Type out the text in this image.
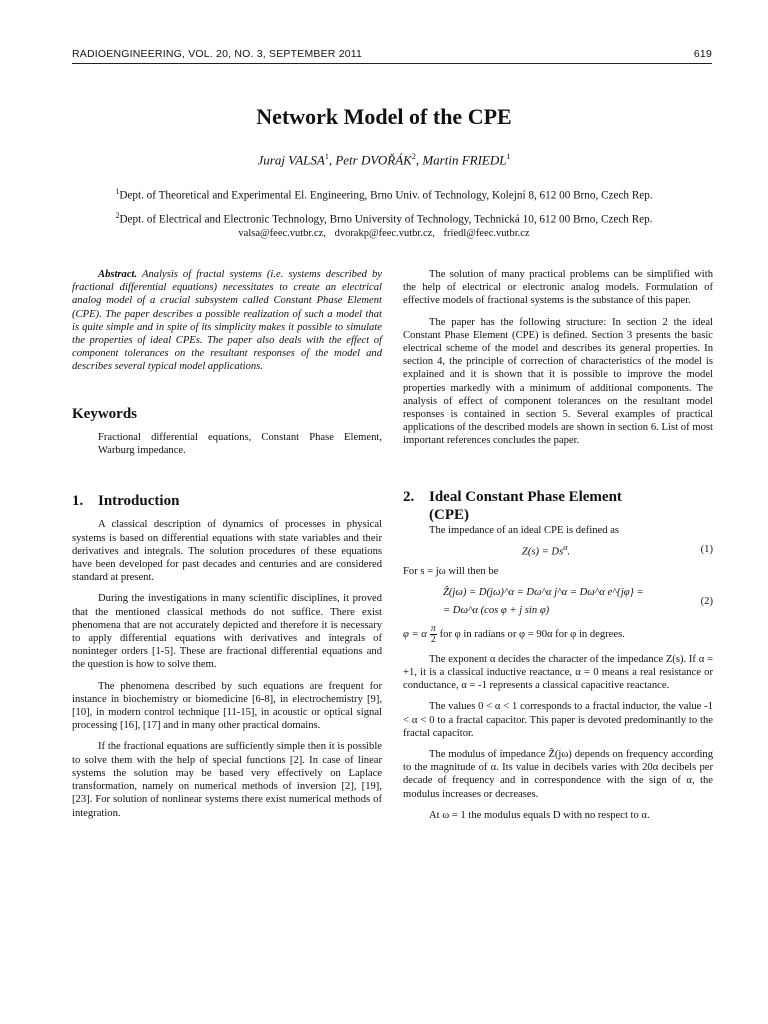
RADIOENGINEERING, VOL. 20, NO. 3, SEPTEMBER 2011	619
Network Model of the CPE
Juraj VALSA$^1$, Petr DVOŘÁK$^2$, Martin FRIEDL$^1$
$^1$Dept. of Theoretical and Experimental El. Engineering, Brno Univ. of Technology, Kolejní 8, 612 00 Brno, Czech Rep.
$^2$Dept. of Electrical and Electronic Technology, Brno University of Technology, Technická 10, 612 00 Brno, Czech Rep.
valsa@feec.vutbr.cz, dvorakp@feec.vutbr.cz, friedl@feec.vutbr.cz

Abstract. Analysis of fractal systems (i.e. systems described by fractional differential equations) necessitates to create an electrical analog model of a crucial subsystem called Constant Phase Element (CPE). The paper describes a possible realization of such a model that is quite simple and in spite of its simplicity makes it possible to simulate the properties of ideal CPEs. The paper also deals with the effect of component tolerances on the resultant responses of the model and describes several typical model applications.

Keywords

Fractional differential equations, Constant Phase Element, Warburg impedance.

1. Introduction

A classical description of dynamics of processes in physical systems is based on differential equations with state variables and their derivatives and integrals. The solution procedures of these equations have been developed for past decades and centuries and are considered standard at present.

During the investigations in many scientific disciplines, it proved that the mentioned classical methods do not suffice. There exist phenomena that are not accurately depicted and therefore it is necessary to apply differential equations with derivatives and integrals of noninteger orders [1-5]. These are fractional differential equations and the question is how to solve them.

The phenomena described by such equations are frequent for instance in biochemistry or biomedicine [6-8], in electrochemistry [9], [10], in modern control technique [11-15], in acoustic or optical signal processing [16], [17] and in many other practical domains.

If the fractional equations are sufficiently simple then it is possible to solve them with the help of special functions [2]. In case of linear systems the solution may be based very effectively on Laplace transformation, namely on numerical methods of inversion [2], [19], [23]. For solution of nonlinear systems there exist numerical methods of integration.

The solution of many practical problems can be simplified with the help of electrical or electronic analog models. Formulation of effective models of fractional systems is the substance of this paper.

The paper has the following structure: In section 2 the ideal Constant Phase Element (CPE) is defined. Section 3 presents the basic electrical scheme of the model and describes its general properties. In section 4, the principle of correction of characteristics of the model is explained and it is shown that it is possible to improve the model properties markedly with a minimum of additional components. The analysis of effect of component tolerances on the resultant model responses is contained in section 5. Several examples of practical applications of the described models are shown in section 6. List of most important references concludes the paper.

2. Ideal Constant Phase Element
(CPE)

The impedance of an ideal CPE is defined as

$Z(s) = Ds^\alpha$.	(1)

For s = jω will then be

Ẑ(jω) = D(jω)^α = Dω^α j^α = Dω^α e^{jφ} =
= Dω^α (cos φ + j sin φ)
(2)
φ = α $\frac{\pi}{2}$ for φ in radians or φ = 90α for φ in degrees.

The exponent α decides the character of the impedance Z(s). If α = +1, it is a classical inductive reactance, α = 0 means a real resistance or conductance, α = -1 represents a classical capacitive reactance.

The values 0 < α < 1 corresponds to a fractal inductor, the value -1 < α < 0 to a fractal capacitor. This paper is devoted predominantly to the fractal capacitor.

The modulus of impedance Ẑ(jω) depends on frequency according to the magnitude of α. Its value in decibels varies with 20α decibels per decade of frequency and in correspondence with the sign of α, the modulus increases or decreases.

At ω = 1 the modulus equals D with no respect to α.
